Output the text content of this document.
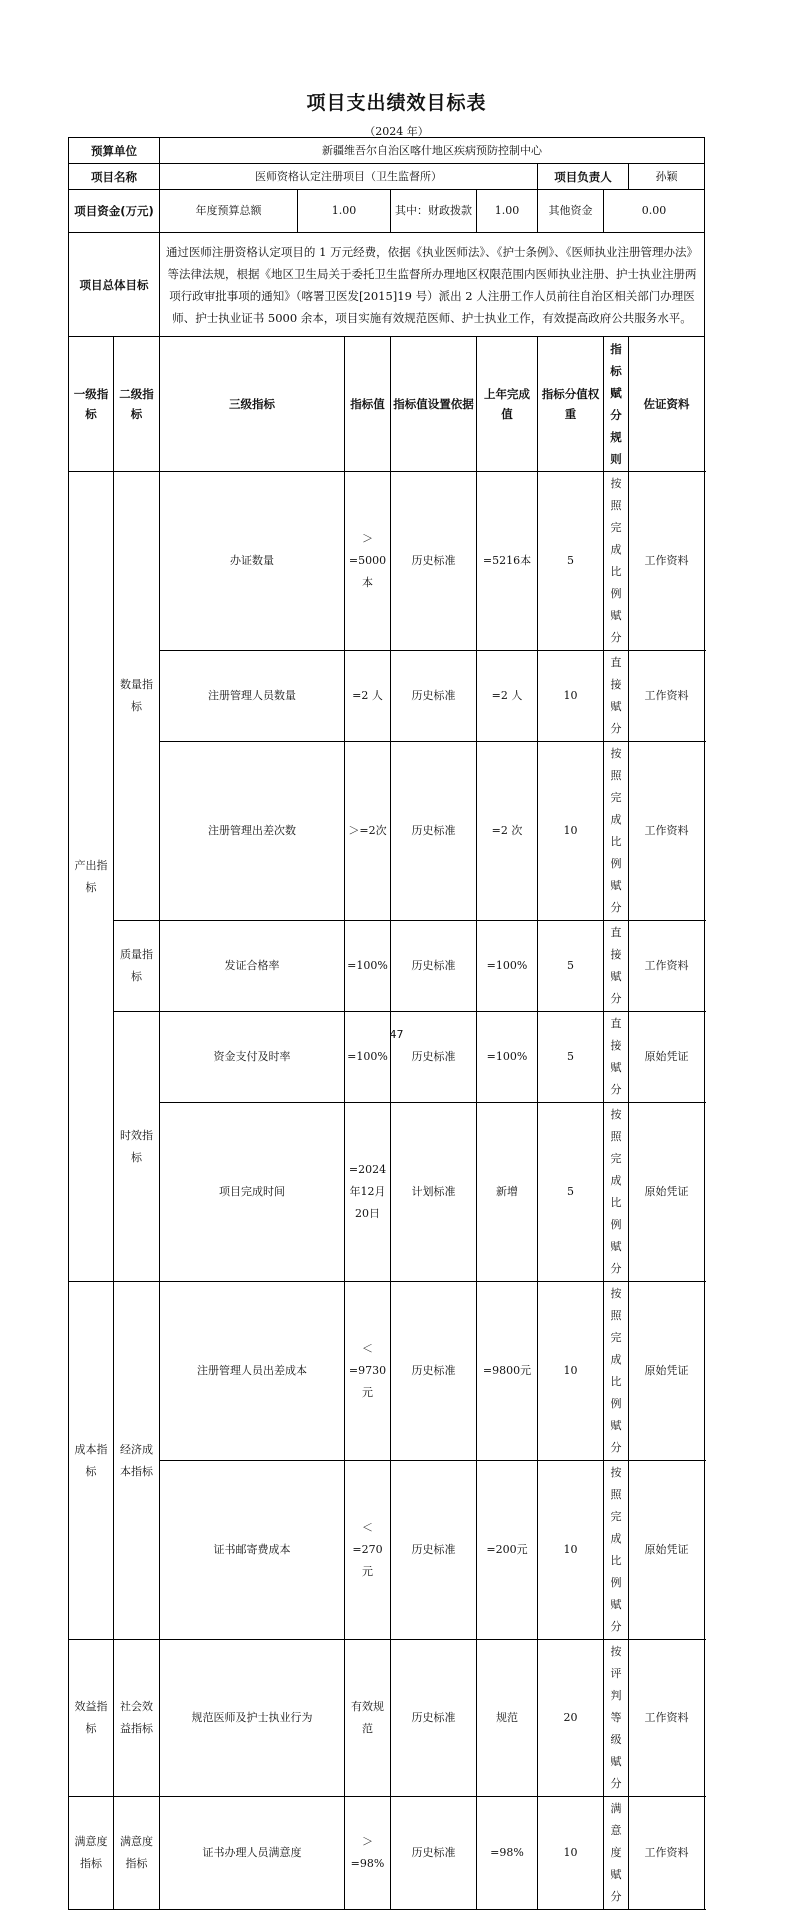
项目支出绩效目标表
（2024 年）
预算单位		新疆维吾尔自治区喀什地区疾病预防控制中心							
项目名称		医师资格认定注册项目（卫生监督所）					项目负责人		孙颖
项目资金(万元)		年度预算总额	1.00		其中：财政拨款	1.00	其他资金	0.00	
项目总体目标		通过医师注册资格认定项目的 1 万元经费，依据《执业医师法》、《护士条例》、《医师执业注册管理办法》等法律法规，根据《地区卫生局关于委托卫生监督所办理地区权限范围内医师执业注册、护士执业注册两项行政审批事项的通知》（喀署卫医发[2015]19 号）派出 2 人注册工作人员前往自治区相关部门办理医师、护士执业证书 5000 余本，项目实施有效规范医师、护士执业工作，有效提高政府公共服务水平。							
一级指标	二级指标	三级指标		指标值	指标值设置依据	上年完成值	指标分值权重	指标赋分规则	佐证资料
产出指标	数量指标	办证数量		＞=5000本	历史标准	=5216本	5	按照完成比例赋分	工作资料
		注册管理人员数量		=2 人	历史标准	=2 人	10	直接赋分	工作资料
		注册管理出差次数		＞=2次	历史标准	=2 次	10	按照完成比例赋分	工作资料
	质量指标	发证合格率		=100%	历史标准	=100%	5	直接赋分	工作资料
	时效指标	资金支付及时率		=100%	历史标准	=100%	5	直接赋分	原始凭证
		项目完成时间		=2024年12月20日	计划标准	新增	5	按照完成比例赋分	原始凭证
成本指标	经济成本指标	注册管理人员出差成本		＜=9730元	历史标准	=9800元	10	按照完成比例赋分	原始凭证
		证书邮寄费成本		＜=270元	历史标准	=200元	10	按照完成比例赋分	原始凭证
效益指标	社会效益指标	规范医师及护士执业行为		有效规范	历史标准	规范	20	按评判等级赋分	工作资料
满意度指标	满意度指标	证书办理人员满意度		＞=98%	历史标准	=98%	10	满意度赋分	工作资料
47
